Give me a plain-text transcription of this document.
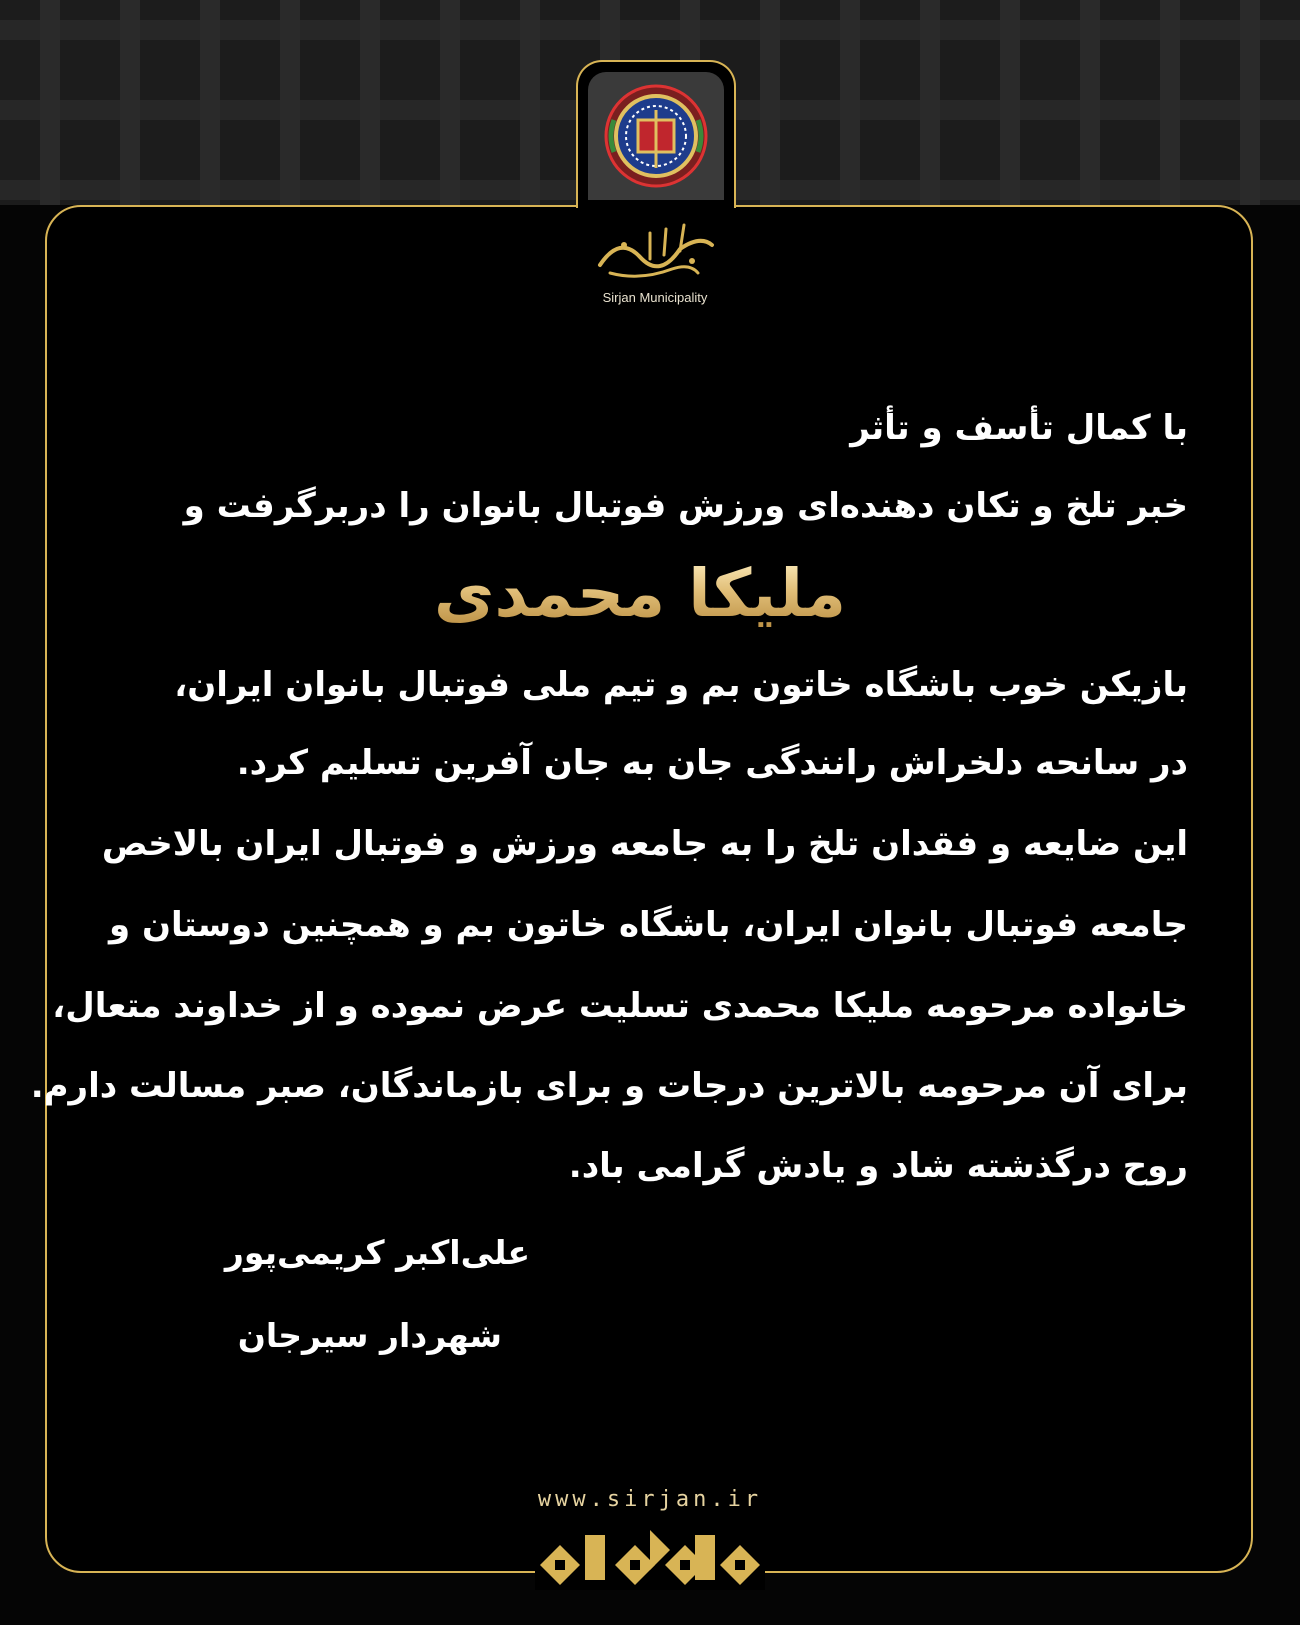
Sirjan Municipality
با کمال تأسف و تأثر
خبر تلخ و تکان دهنده‌ای ورزش فوتبال بانوان را دربرگرفت و
ملیکا محمدی
بازیکن خوب باشگاه خاتون بم و تیم ملی فوتبال بانوان ایران،
در سانحه دلخراش رانندگی جان به جان آفرین تسلیم کرد.
این ضایعه و فقدان تلخ را به جامعه ورزش و فوتبال ایران بالاخص
جامعه فوتبال بانوان ایران، باشگاه خاتون بم و همچنین دوستان و
خانواده مرحومه ملیکا محمدی تسلیت عرض نموده و از خداوند متعال،
برای آن مرحومه بالاترین درجات و برای بازماندگان، صبر مسالت دارم.
روح درگذشته شاد و یادش گرامی باد.
علی‌اکبر کریمی‌پور
شهردار سیرجان
www.sirjan.ir
